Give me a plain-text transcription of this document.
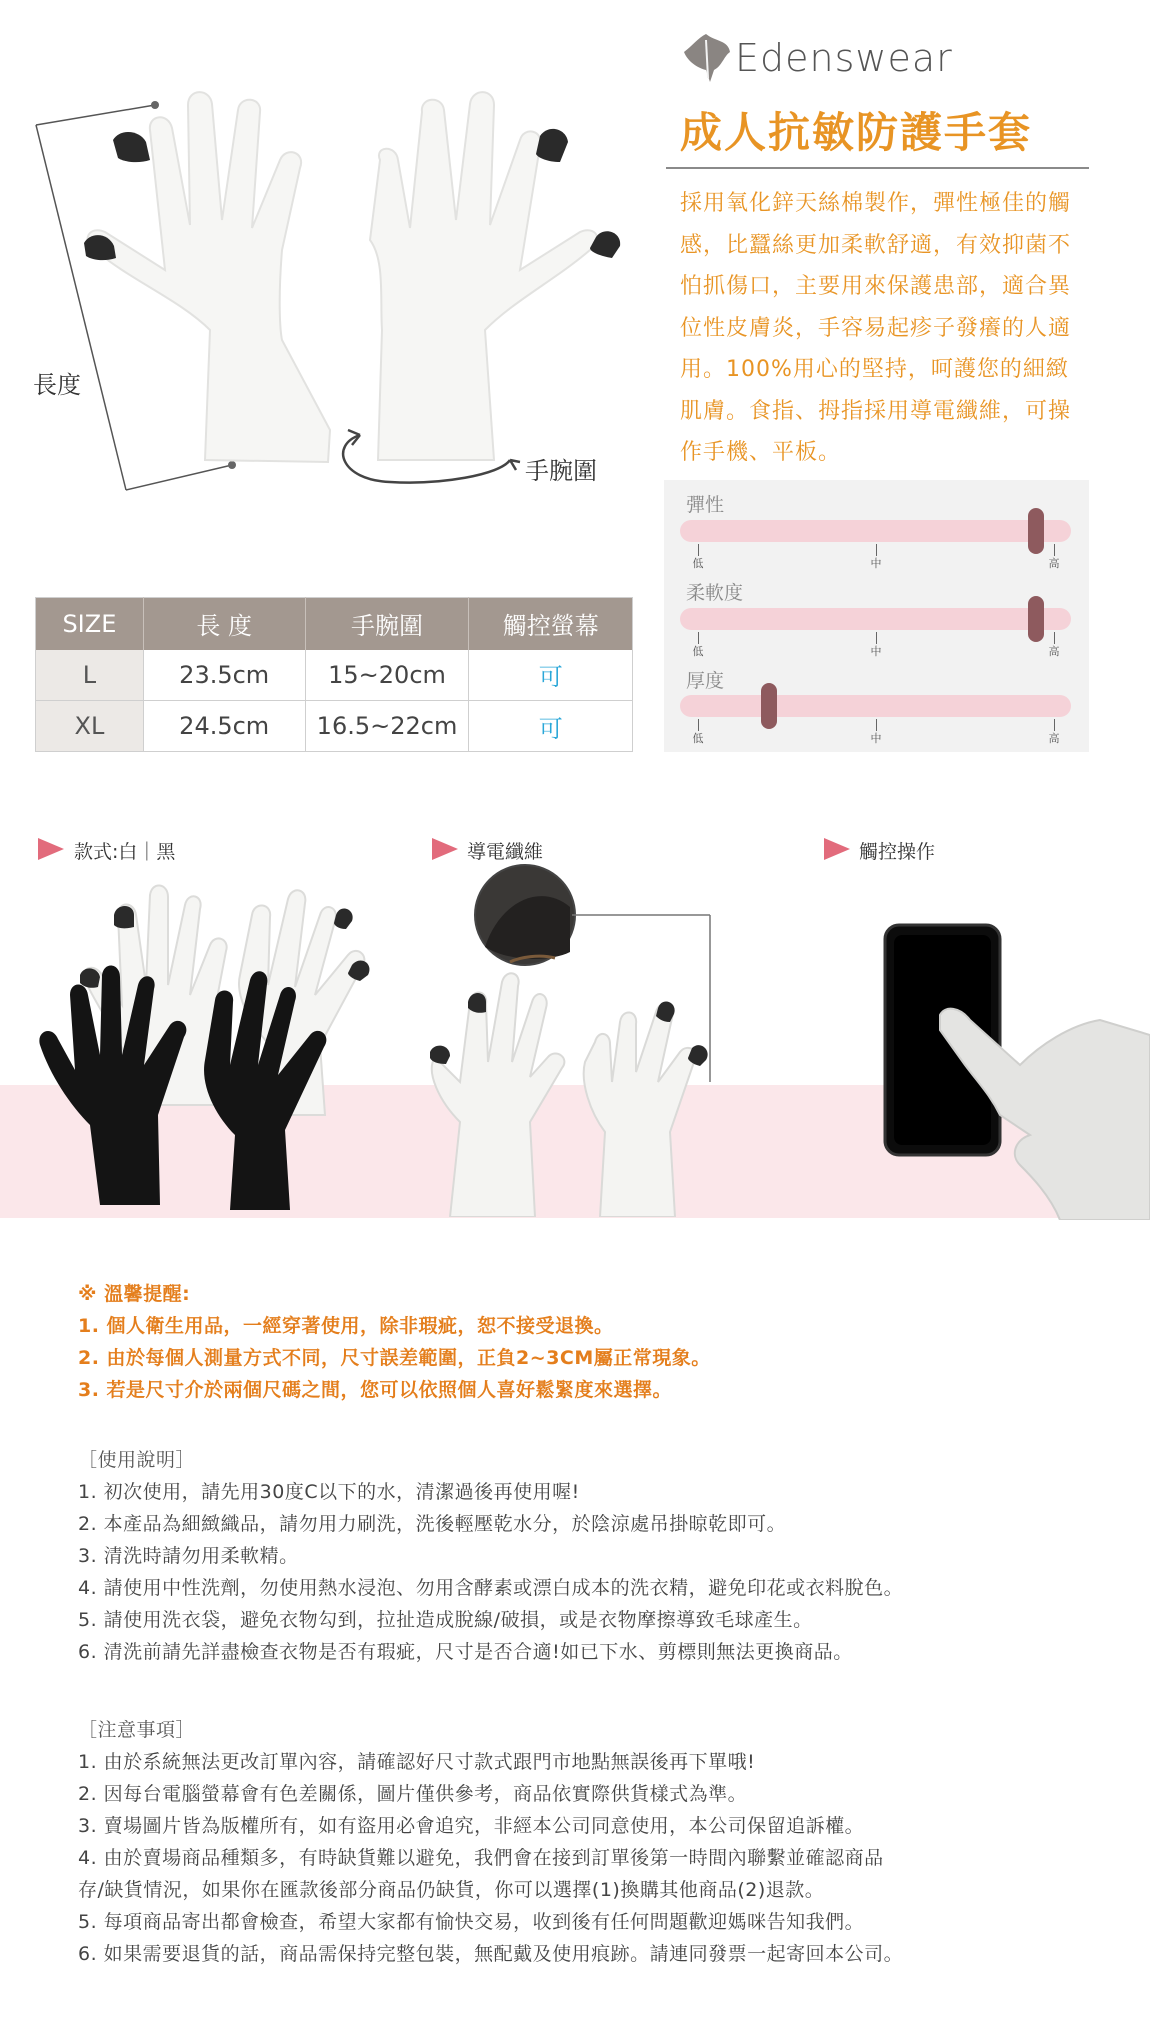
長度
手腕圍
Edenswear
成人抗敏防護手套
採用氧化鋅天絲棉製作，彈性極佳的觸感，比蠶絲更加柔軟舒適，有效抑菌不怕抓傷口，主要用來保護患部，適合異位性皮膚炎，手容易起疹子發癢的人適用。100%用心的堅持，呵護您的細緻肌膚。食指、拇指採用導電纖維，可操作手機、平板。
彈性
低	中	高
柔軟度
低	中	高
厚度
低	中	高
SIZE	長 度	手腕圍	觸控螢幕
L	23.5cm	15~20cm	可
XL	24.5cm	16.5~22cm	可
款式:白｜黑	導電纖維	觸控操作
※ 溫馨提醒:
1. 個人衛生用品，一經穿著使用，除非瑕疵，恕不接受退換。
2. 由於每個人測量方式不同，尺寸誤差範圍，正負2~3CM屬正常現象。
3. 若是尺寸介於兩個尺碼之間，您可以依照個人喜好鬆緊度來選擇。
［使用說明］
1. 初次使用，請先用30度C以下的水，清潔過後再使用喔!
2. 本產品為細緻織品，請勿用力刷洗，洗後輕壓乾水分，於陰涼處吊掛晾乾即可。
3. 清洗時請勿用柔軟精。
4. 請使用中性洗劑，勿使用熱水浸泡、勿用含酵素或漂白成本的洗衣精，避免印花或衣料脫色。
5. 請使用洗衣袋，避免衣物勾到，拉扯造成脫線/破損，或是衣物摩擦導致毛球產生。
6. 清洗前請先詳盡檢查衣物是否有瑕疵，尺寸是否合適!如已下水、剪標則無法更換商品。
［注意事項］
1. 由於系統無法更改訂單內容，請確認好尺寸款式跟門市地點無誤後再下單哦!
2. 因每台電腦螢幕會有色差關係，圖片僅供參考，商品依實際供貨樣式為準。
3. 賣場圖片皆為版權所有，如有盜用必會追究，非經本公司同意使用，本公司保留追訴權。
4. 由於賣場商品種類多，有時缺貨難以避免，我們會在接到訂單後第一時間內聯繫並確認商品
存/缺貨情況，如果你在匯款後部分商品仍缺貨，你可以選擇(1)換購其他商品(2)退款。
5. 每項商品寄出都會檢查，希望大家都有愉快交易，收到後有任何問題歡迎媽咪告知我們。
6. 如果需要退貨的話，商品需保持完整包裝，無配戴及使用痕跡。請連同發票一起寄回本公司。
